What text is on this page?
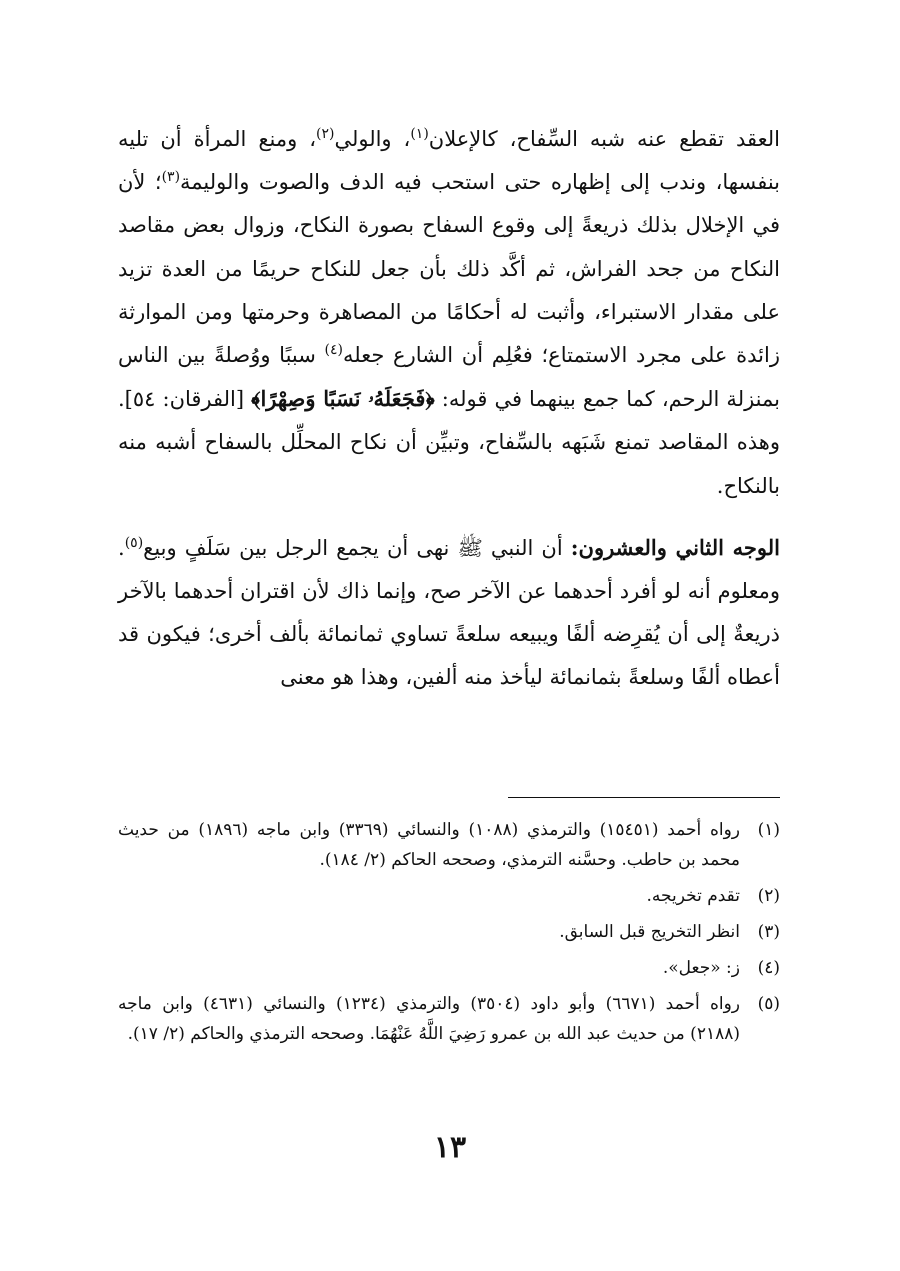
العقد تقطع عنه شبه السِّفاح، كالإعلان$^{(١)}$، والولي$^{(٢)}$، ومنع المرأة أن تليه بنفسها، وندب إلى إظهاره حتى استحب فيه الدف والصوت والوليمة$^{(٣)}$؛ لأن في الإخلال بذلك ذريعةً إلى وقوع السفاح بصورة النكاح، وزوال بعض مقاصد النكاح من جحد الفراش، ثم أكَّد ذلك بأن جعل للنكاح حريمًا من العدة تزيد على مقدار الاستبراء، وأثبت له أحكامًا من المصاهرة وحرمتها ومن الموارثة زائدة على مجرد الاستمتاع؛ فعُلِم أن الشارع جعله$^{(٤)}$ سببًا ووُصلةً بين الناس بمنزلة الرحم، كما جمع بينهما في قوله: ﴿فَجَعَلَهُۥ نَسَبًا وَصِهْرًا﴾ [الفرقان: ٥٤]. وهذه المقاصد تمنع شَبَهه بالسِّفاح، وتبيِّن أن نكاح المحلِّل بالسفاح أشبه منه بالنكاح.

الوجه الثاني والعشرون: أن النبي ﷺ نهى أن يجمع الرجل بين سَلَفٍ وبيع$^{(٥)}$. ومعلوم أنه لو أفرد أحدهما عن الآخر صح، وإنما ذاك لأن اقتران أحدهما بالآخر ذريعةٌ إلى أن يُقرِضه ألفًا ويبيعه سلعةً تساوي ثمانمائة بألف أخرى؛ فيكون قد أعطاه ألفًا وسلعةً بثمانمائة ليأخذ منه ألفين، وهذا هو معنى

(١)
رواه أحمد (١٥٤٥١) والترمذي (١٠٨٨) والنسائي (٣٣٦٩) وابن ماجه (١٨٩٦) من حديث محمد بن حاطب. وحسَّنه الترمذي، وصححه الحاكم (٢/ ١٨٤).
(٢)
تقدم تخريجه.
(٣)
انظر التخريج قبل السابق.
(٤)
ز: «جعل».
(٥)
رواه أحمد (٦٦٧١) وأبو داود (٣٥٠٤) والترمذي (١٢٣٤) والنسائي (٤٦٣١) وابن ماجه (٢١٨٨) من حديث عبد الله بن عمرو رَضِيَ اللَّهُ عَنْهُمَا. وصححه الترمذي والحاكم (٢/ ١٧).
١٣
